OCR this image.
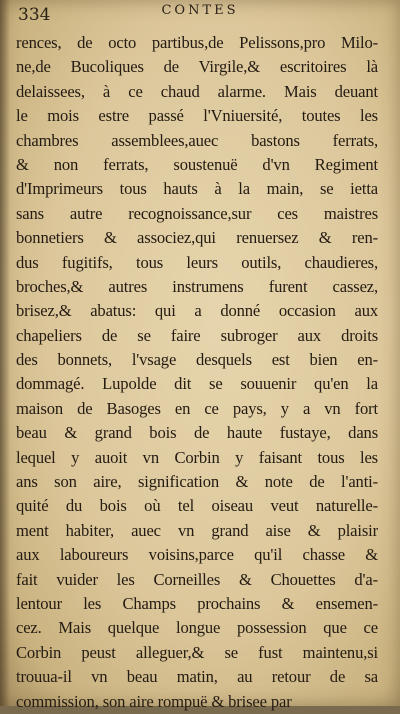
334	CONTES
rences, de octo partibus,de Pelissons,pro Milo-
ne,de Bucoliques de Virgile,& escritoires là
delaissees, à ce chaud alarme. Mais deuant
le mois estre passé l'Vniuersité, toutes les
chambres assemblees,auec bastons ferrats,
& non ferrats, soustenuë d'vn Regiment
d'Imprimeurs tous hauts à la main, se ietta
sans autre recognoissance,sur ces maistres
bonnetiers & associez,qui renuersez & ren-
dus fugitifs, tous leurs outils, chaudieres,
broches,& autres instrumens furent cassez,
brisez,& abatus: qui a donné occasion aux
chapeliers de se faire subroger aux droits
des bonnets, l'vsage desquels est bien en-
dommagé. Lupolde dit se souuenir qu'en la
maison de Basoges en ce pays, y a vn fort
beau & grand bois de haute fustaye, dans
lequel y auoit vn Corbin y faisant tous les
ans son aire, signification & note de l'anti-
quité du bois où tel oiseau veut naturelle-
ment habiter, auec vn grand aise & plaisir
aux laboureurs voisins,parce qu'il chasse &
fait vuider les Corneilles & Chouettes d'a-
lentour les Champs prochains & ensemen-
cez. Mais quelque longue possession que ce
Corbin peust alleguer,& se fust maintenu,si
trouua-il vn beau matin, au retour de sa
commission, son aire rompuë & brisee par
